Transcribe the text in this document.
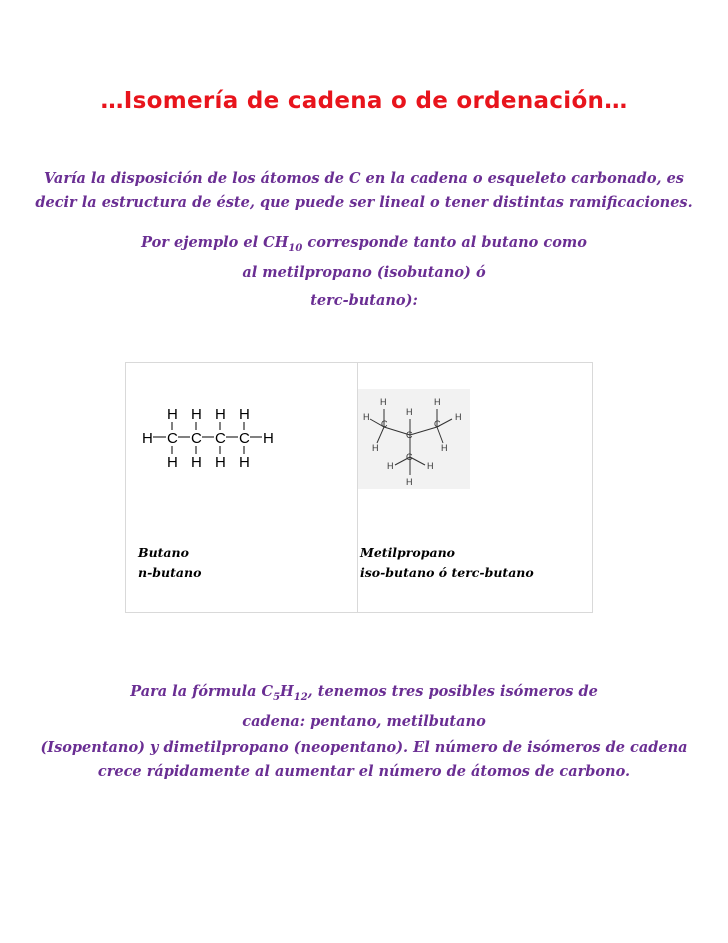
…Isomería de cadena o de ordenación…
Varía la disposición de los átomos de C en la cadena o esqueleto carbonado, es
decir la estructura de éste, que puede ser lineal o tener distintas ramificaciones.
Por ejemplo el $CH_{10}$ corresponde tanto al butano como
al metilpropano (isobutano) ó
terc-butano):
H H H H
H C C C C H
H H H H
H
H
H
C
C
C
H
H
H
H
C
H	H
H
Butano
n-butano
Metilpropano
iso-butano ó terc-butano
Para la fórmula $C_5H_{12}$, tenemos tres posibles isómeros de
cadena: pentano, metilbutano
(Isopentano) y dimetilpropano (neopentano). El número de isómeros de cadena
crece rápidamente al aumentar el número de átomos de carbono.
